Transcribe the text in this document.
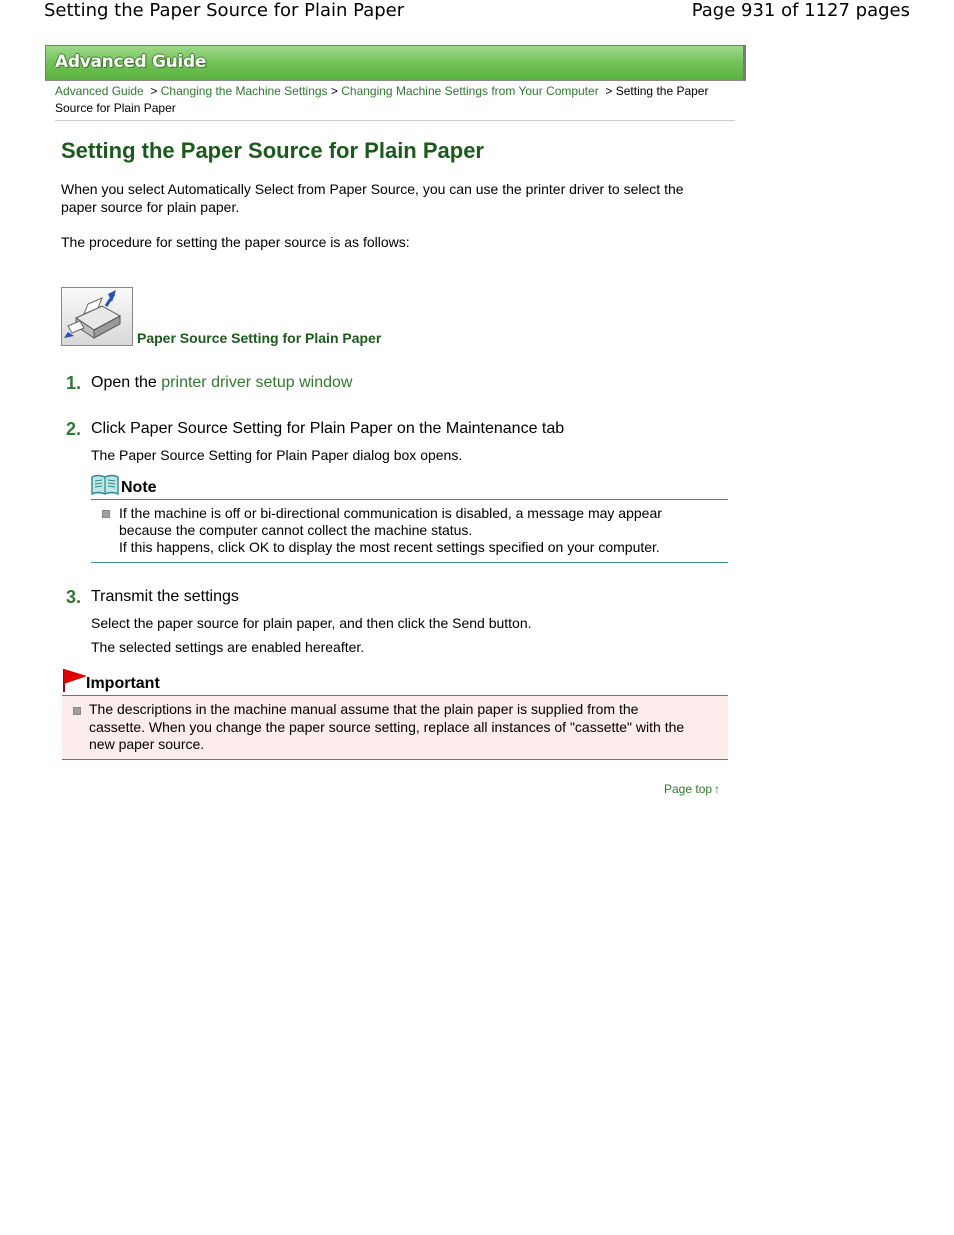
Setting the Paper Source for Plain Paper	Page 931 of 1127 pages
Advanced Guide
Advanced Guide  > Changing the Machine Settings > Changing Machine Settings from Your Computer  > Setting the Paper
Source for Plain Paper
Setting the Paper Source for Plain Paper

When you select Automatically Select from Paper Source, you can use the printer driver to select the
paper source for plain paper.

The procedure for setting the paper source is as follows:

Paper Source Setting for Plain Paper
1. Open the printer driver setup window
2. Click Paper Source Setting for Plain Paper on the Maintenance tab
The Paper Source Setting for Plain Paper dialog box opens.
Note
If the machine is off or bi-directional communication is disabled, a message may appear
because the computer cannot collect the machine status.
If this happens, click OK to display the most recent settings specified on your computer.
3. Transmit the settings
Select the paper source for plain paper, and then click the Send button.
The selected settings are enabled hereafter.
Important
The descriptions in the machine manual assume that the plain paper is supplied from the
cassette. When you change the paper source setting, replace all instances of "cassette" with the
new paper source.
Page top ↑
